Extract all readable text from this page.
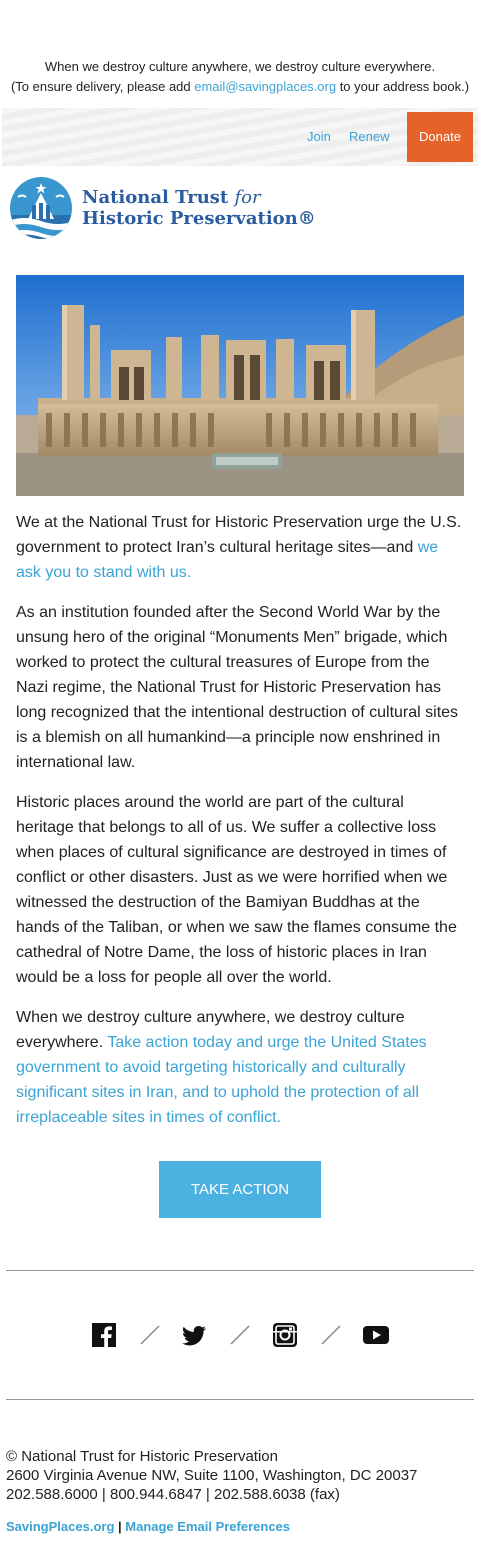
When we destroy culture anywhere, we destroy culture everywhere.
(To ensure delivery, please add email@savingplaces.org to your address book.)
Join Renew	Donate
National Trust for
Historic Preservation®

We at the National Trust for Historic Preservation urge the U.S. government to protect Iran’s cultural heritage sites—and we ask you to stand with us.

As an institution founded after the Second World War by the unsung hero of the original “Monuments Men” brigade, which worked to protect the cultural treasures of Europe from the Nazi regime, the National Trust for Historic Preservation has long recognized that the intentional destruction of cultural sites is a blemish on all humankind—a principle now enshrined in international law.

Historic places around the world are part of the cultural heritage that belongs to all of us. We suffer a collective loss when places of cultural significance are destroyed in times of conflict or other disasters. Just as we were horrified when we witnessed the destruction of the Bamiyan Buddhas at the hands of the Taliban, or when we saw the flames consume the cathedral of Notre Dame, the loss of historic places in Iran would be a loss for people all over the world.

When we destroy culture anywhere, we destroy culture everywhere. Take action today and urge the United States government to avoid targeting historically and culturally significant sites in Iran, and to uphold the protection of all irreplaceable sites in times of conflict.

TAKE ACTION
© National Trust for Historic Preservation
2600 Virginia Avenue NW, Suite 1100, Washington, DC 20037
202.588.6000 | 800.944.6847 | 202.588.6038 (fax)
SavingPlaces.org | Manage Email Preferences
